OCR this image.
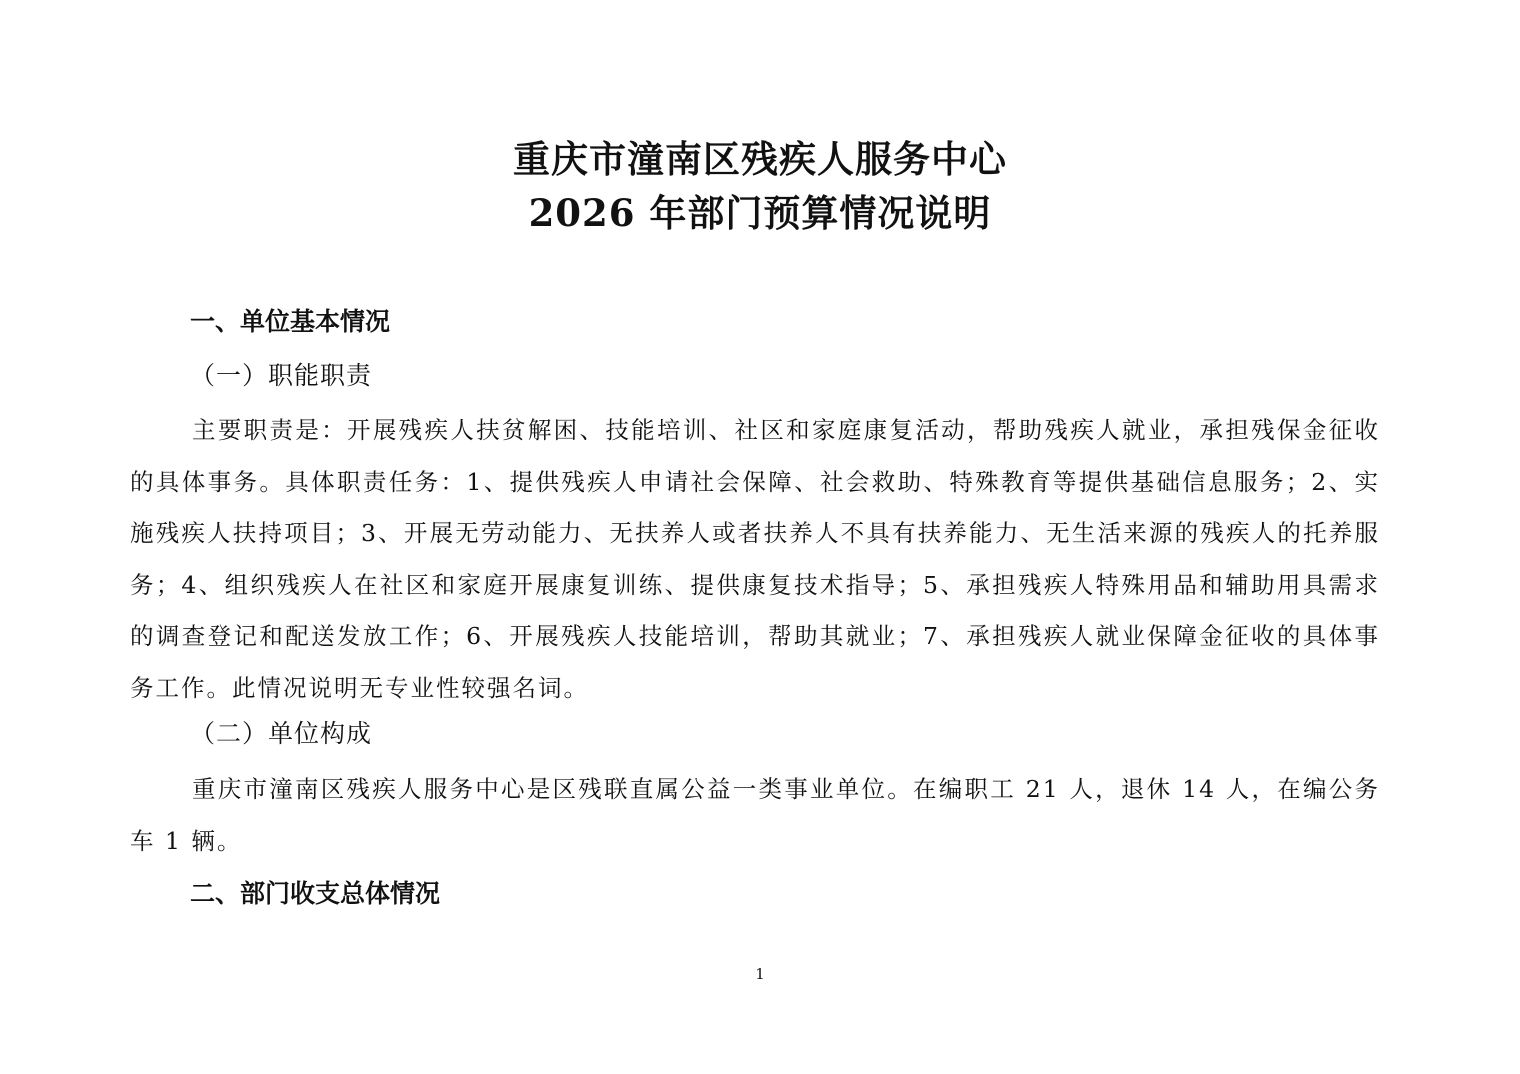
重庆市潼南区残疾人服务中心
2026 年部门预算情况说明
一、单位基本情况
（一）职能职责
主要职责是：开展残疾人扶贫解困、技能培训、社区和家庭康复活动，帮助残疾人就业，承担残保金征收的具体事务。具体职责任务：1、提供残疾人申请社会保障、社会救助、特殊教育等提供基础信息服务；2、实施残疾人扶持项目；3、开展无劳动能力、无扶养人或者扶养人不具有扶养能力、无生活来源的残疾人的托养服务；4、组织残疾人在社区和家庭开展康复训练、提供康复技术指导；5、承担残疾人特殊用品和辅助用具需求的调查登记和配送发放工作；6、开展残疾人技能培训，帮助其就业；7、承担残疾人就业保障金征收的具体事务工作。此情况说明无专业性较强名词。
（二）单位构成
重庆市潼南区残疾人服务中心是区残联直属公益一类事业单位。在编职工 21 人，退休 14 人，在编公务车 1 辆。
二、部门收支总体情况
1
